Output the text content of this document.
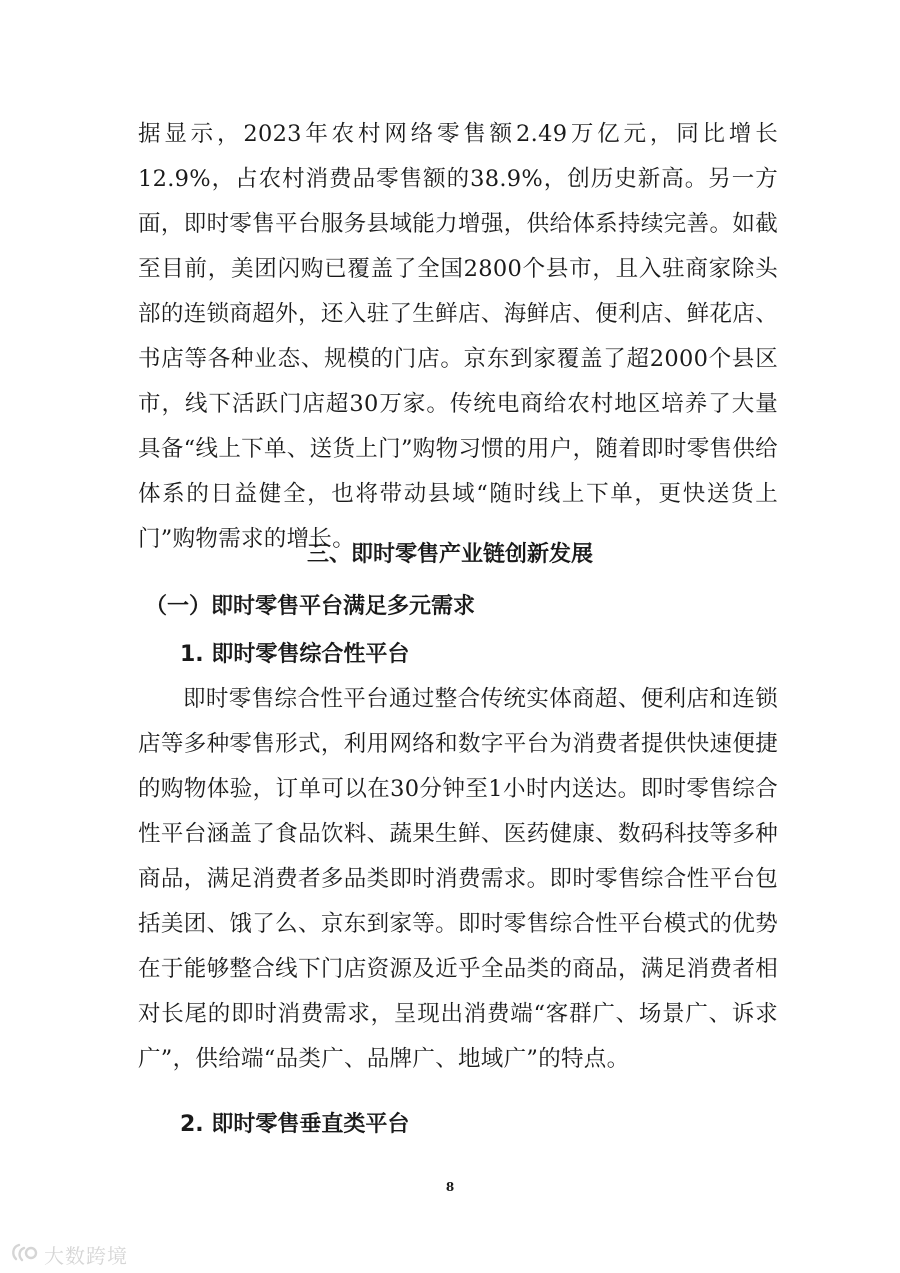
据显示，2023年农村网络零售额2.49万亿元，同比增长12.9%，占农村消费品零售额的38.9%，创历史新高。另一方面，即时零售平台服务县域能力增强，供给体系持续完善。如截至目前，美团闪购已覆盖了全国2800个县市，且入驻商家除头部的连锁商超外，还入驻了生鲜店、海鲜店、便利店、鲜花店、书店等各种业态、规模的门店。京东到家覆盖了超2000个县区市，线下活跃门店超30万家。传统电商给农村地区培养了大量具备“线上下单、送货上门”购物习惯的用户，随着即时零售供给体系的日益健全，也将带动县域“随时线上下单，更快送货上门”购物需求的增长。

三、即时零售产业链创新发展
（一）即时零售平台满足多元需求
1. 即时零售综合性平台

即时零售综合性平台通过整合传统实体商超、便利店和连锁店等多种零售形式，利用网络和数字平台为消费者提供快速便捷的购物体验，订单可以在30分钟至1小时内送达。即时零售综合性平台涵盖了食品饮料、蔬果生鲜、医药健康、数码科技等多种商品，满足消费者多品类即时消费需求。即时零售综合性平台包括美团、饿了么、京东到家等。即时零售综合性平台模式的优势在于能够整合线下门店资源及近乎全品类的商品，满足消费者相对长尾的即时消费需求，呈现出消费端“客群广、场景广、诉求广”，供给端“品类广、品牌广、地域广”的特点。

2. 即时零售垂直类平台
8
大数跨境
